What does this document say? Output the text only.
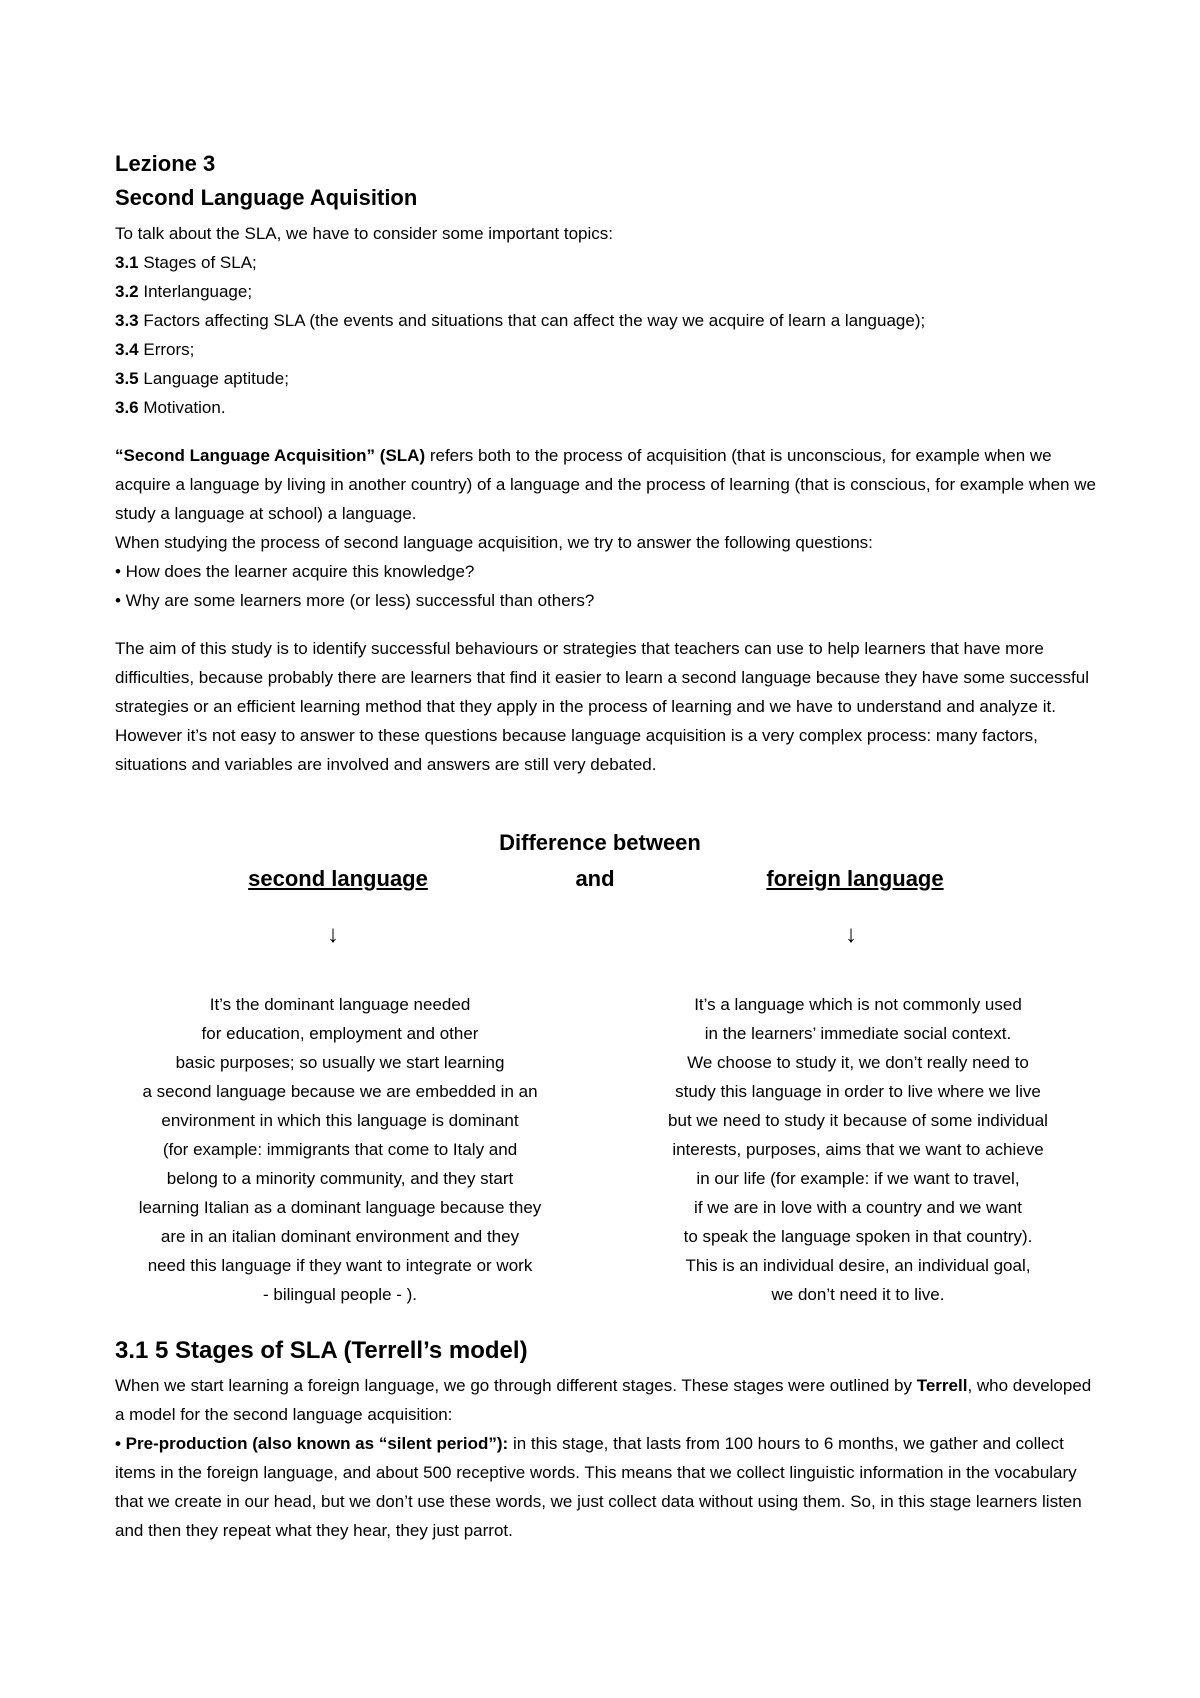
Lezione 3
Second Language Aquisition
To talk about the SLA, we have to consider some important topics:
3.1 Stages of SLA;
3.2 Interlanguage;
3.3 Factors affecting SLA (the events and situations that can affect the way we acquire of learn a language);
3.4 Errors;
3.5 Language aptitude;
3.6 Motivation.
“Second Language Acquisition” (SLA) refers both to the process of acquisition (that is unconscious, for example when we acquire a language by living in another country) of a language and the process of learning (that is conscious, for example when we study a language at school) a language.
When studying the process of second language acquisition, we try to answer the following questions:
• How does the learner acquire this knowledge?
• Why are some learners more (or less) successful than others?
The aim of this study is to identify successful behaviours or strategies that teachers can use to help learners that have more difficulties, because probably there are learners that find it easier to learn a second language because they have some successful strategies or an efficient learning method that they apply in the process of learning and we have to understand and analyze it. However it’s not easy to answer to these questions because language acquisition is a very complex process: many factors, situations and variables are involved and answers are still very debated.
Difference between
second language	and	foreign language
↓	↓
It’s the dominant language needed
for education, employment and other
basic purposes; so usually we start learning
a second language because we are embedded in an
environment in which this language is dominant
(for example: immigrants that come to Italy and
belong to a minority community, and they start
learning Italian as a dominant language because they
are in an italian dominant environment and they
need this language if they want to integrate or work
- bilingual people - ).
It’s a language which is not commonly used
in the learners’ immediate social context.
We choose to study it, we don’t really need to
study this language in order to live where we live
but we need to study it because of some individual
interests, purposes, aims that we want to achieve
in our life (for example: if we want to travel,
if we are in love with a country and we want
to speak the language spoken in that country).
This is an individual desire, an individual goal,
we don’t need it to live.
3.1 5 Stages of SLA (Terrell’s model)
When we start learning a foreign language, we go through different stages. These stages were outlined by Terrell, who developed a model for the second language acquisition:
• Pre-production (also known as “silent period”): in this stage, that lasts from 100 hours to 6 months, we gather and collect items in the foreign language, and about 500 receptive words. This means that we collect linguistic information in the vocabulary that we create in our head, but we don’t use these words, we just collect data without using them. So, in this stage learners listen and then they repeat what they hear, they just parrot.
